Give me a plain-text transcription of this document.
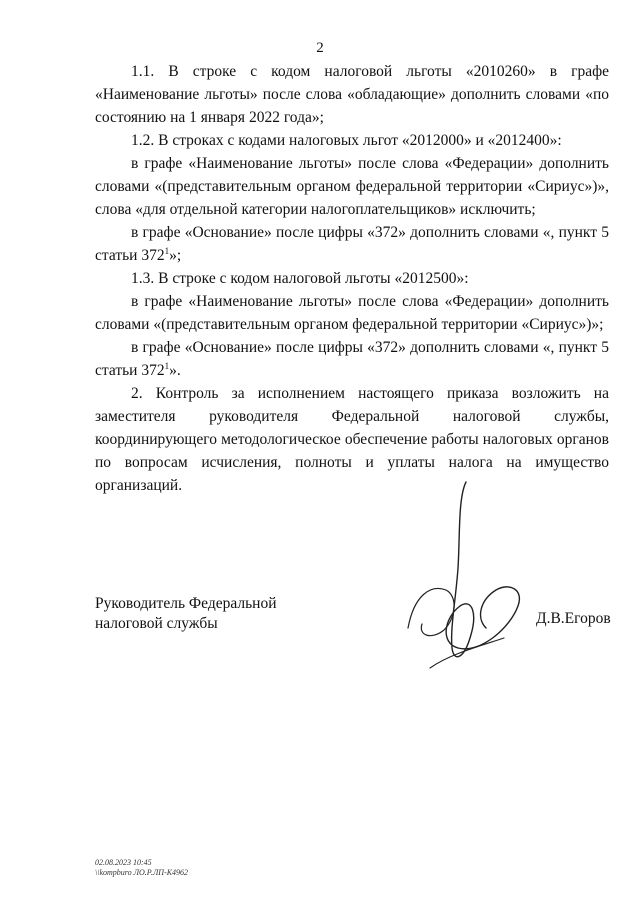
2

1.1. В строке с кодом налоговой льготы «2010260» в графе «Наименование льготы» после слова «обладающие» дополнить словами «по состоянию на 1 января 2022 года»;

1.2. В строках с кодами налоговых льгот «2012000» и «2012400»:

в графе «Наименование льготы» после слова «Федерации» дополнить словами «(представительным органом федеральной территории «Сириус»)», слова «для отдельной категории налогоплательщиков» исключить;

в графе «Основание» после цифры «372» дополнить словами «, пункт 5 статьи $372^1$»;

1.3. В строке с кодом налоговой льготы «2012500»:

в графе «Наименование льготы» после слова «Федерации» дополнить словами «(представительным органом федеральной территории «Сириус»)»;

в графе «Основание» после цифры «372» дополнить словами «, пункт 5 статьи $372^1$».

2. Контроль за исполнением настоящего приказа возложить на заместителя руководителя Федеральной налоговой службы, координирующего методологическое обеспечение работы налоговых органов по вопросам исчисления, полноты и уплаты налога на имущество организаций.

Руководитель Федеральной
налоговой службы	Д.В.Егоров
02.08.2023 10:45
\\kompburo ЛО.Р.ЛП-К4962
